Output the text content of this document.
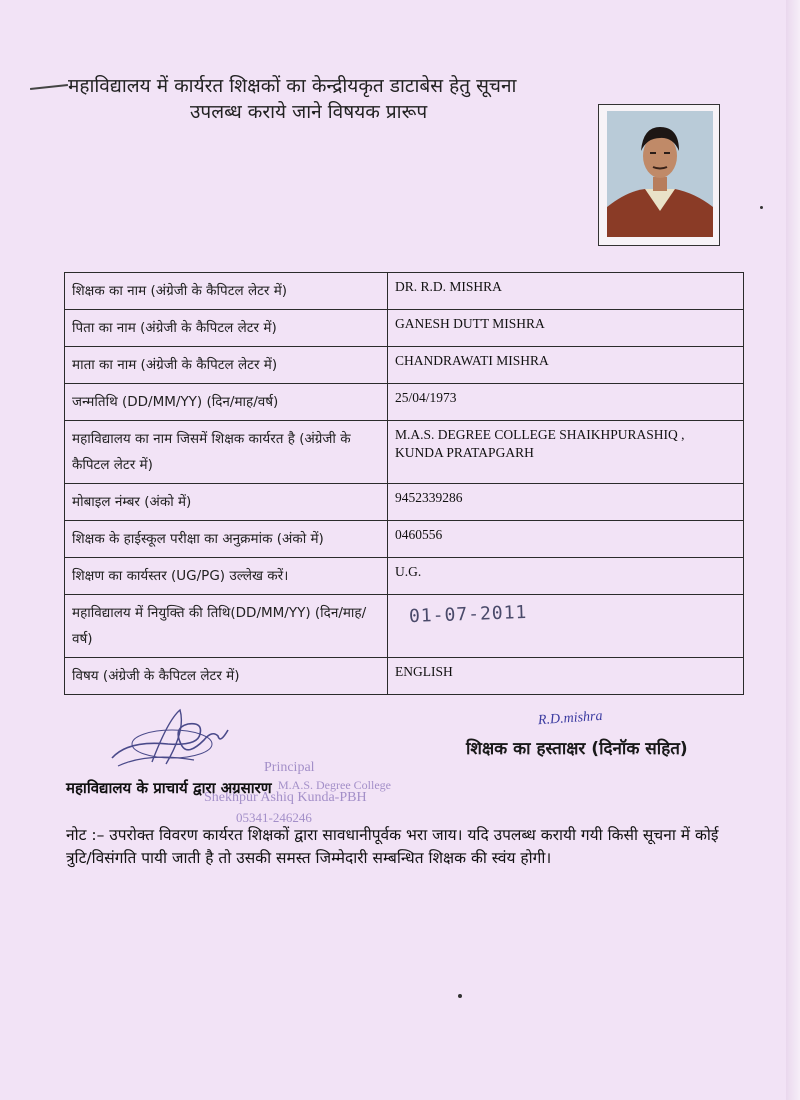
महाविद्यालय में कार्यरत शिक्षकों का केन्द्रीयकृत डाटाबेस हेतु सूचना
उपलब्ध कराये जाने विषयक प्रारूप
शिक्षक का नाम (अंग्रेजी के कैपिटल लेटर में)	DR. R.D. MISHRA
पिता का नाम (अंग्रेजी के कैपिटल लेटर में)	GANESH DUTT MISHRA
माता का नाम (अंग्रेजी के कैपिटल लेटर में)	CHANDRAWATI MISHRA
जन्मतिथि (DD/MM/YY) (दिन/माह/वर्ष)	25/04/1973
महाविद्यालय का नाम जिसमें शिक्षक कार्यरत है (अंग्रेजी के कैपिटल लेटर में)	M.A.S. DEGREE COLLEGE SHAIKHPURASHIQ , KUNDA PRATAPGARH
मोबाइल नंम्बर (अंको में)	9452339286
शिक्षक के हाईस्कूल परीक्षा का अनुक्रमांक (अंको में)	0460556
शिक्षण का कार्यस्तर (UG/PG) उल्लेख करें।	U.G.
महाविद्यालय में नियुक्ति की तिथि(DD/MM/YY) (दिन/माह/वर्ष)	01-07-2011
विषय (अंग्रेजी के कैपिटल लेटर में)	ENGLISH
R.D.mishra
शिक्षक का हस्ताक्षर (दिनॉक सहित)
Principal
M.A.S. Degree College
Shekhpur Ashiq Kunda-PBH
05341-246246
महाविद्यालय के प्राचार्य द्वारा अग्रसारण
नोट :– उपरोक्त विवरण कार्यरत शिक्षकों द्वारा सावधानीपूर्वक भरा जाय। यदि उपलब्ध करायी गयी किसी सूचना में कोई त्रुटि/विसंगति पायी जाती है तो उसकी समस्त जिम्मेदारी सम्बन्धित शिक्षक की स्वंय होगी।
